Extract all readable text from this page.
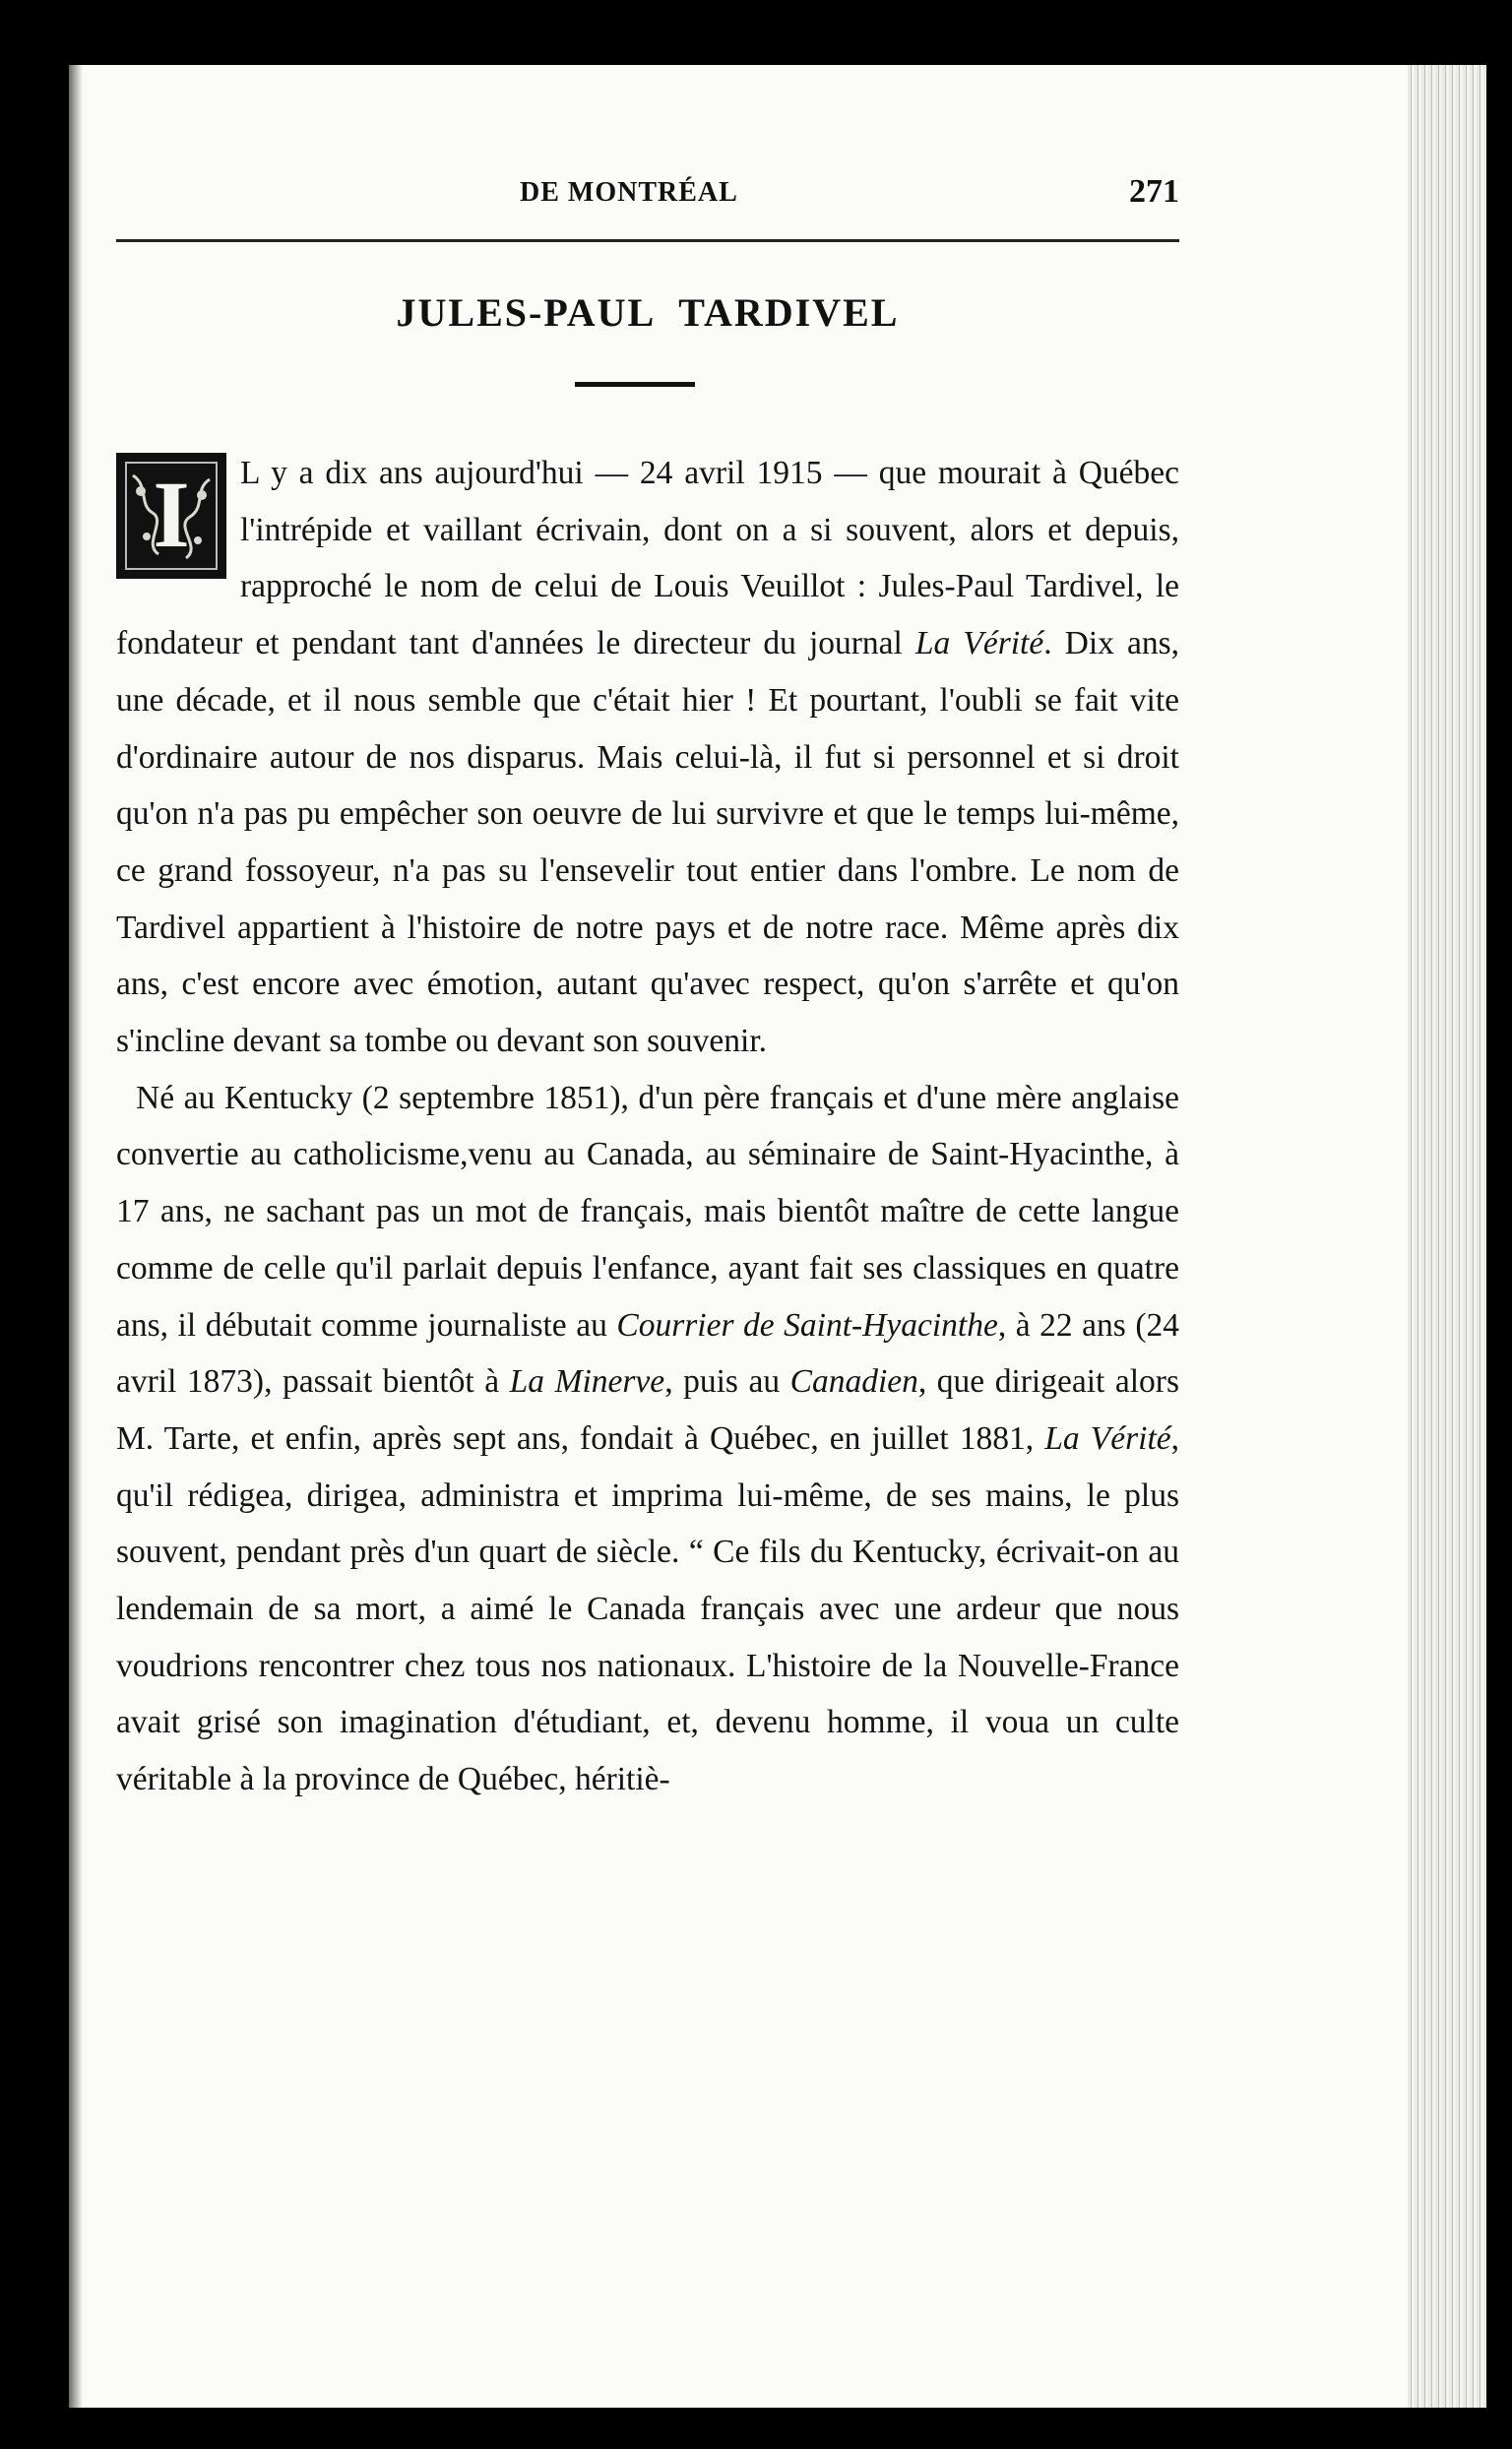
DE MONTRÉAL	271
JULES-PAUL TARDIVEL

I	L y a dix ans aujourd'hui — 24 avril 1915 — que mourait à Québec l'intrépide et vaillant écrivain, dont on a si souvent, alors et depuis, rapproché le nom de celui de Louis Veuillot : Jules-Paul Tardivel, le fondateur et pendant tant d'années le directeur du journal La Vérité. Dix ans, une décade, et il nous semble que c'était hier ! Et pourtant, l'oubli se fait vite d'ordinaire autour de nos disparus. Mais celui-là, il fut si personnel et si droit qu'on n'a pas pu empêcher son oeuvre de lui survivre et que le temps lui-même, ce grand fossoyeur, n'a pas su l'ensevelir tout entier dans l'ombre. Le nom de Tardivel appartient à l'histoire de notre pays et de notre race. Même après dix ans, c'est encore avec émotion, autant qu'avec respect, qu'on s'arrête et qu'on s'incline devant sa tombe ou devant son souvenir.

Né au Kentucky (2 septembre 1851), d'un père français et d'une mère anglaise convertie au catholicisme,venu au Canada, au séminaire de Saint-Hyacinthe, à 17 ans, ne sachant pas un mot de français, mais bientôt maître de cette langue comme de celle qu'il parlait depuis l'enfance, ayant fait ses classiques en quatre ans, il débutait comme journaliste au Courrier de Saint-Hyacinthe, à 22 ans (24 avril 1873), passait bientôt à La Minerve, puis au Canadien, que dirigeait alors M. Tarte, et enfin, après sept ans, fondait à Québec, en juillet 1881, La Vérité, qu'il rédigea, dirigea, administra et imprima lui-même, de ses mains, le plus souvent, pendant près d'un quart de siècle. “ Ce fils du Kentucky, écrivait-on au lendemain de sa mort, a aimé le Canada français avec une ardeur que nous voudrions rencontrer chez tous nos nationaux. L'histoire de la Nouvelle-France avait grisé son imagination d'étudiant, et, devenu homme, il voua un culte véritable à la province de Québec, héritiè-
